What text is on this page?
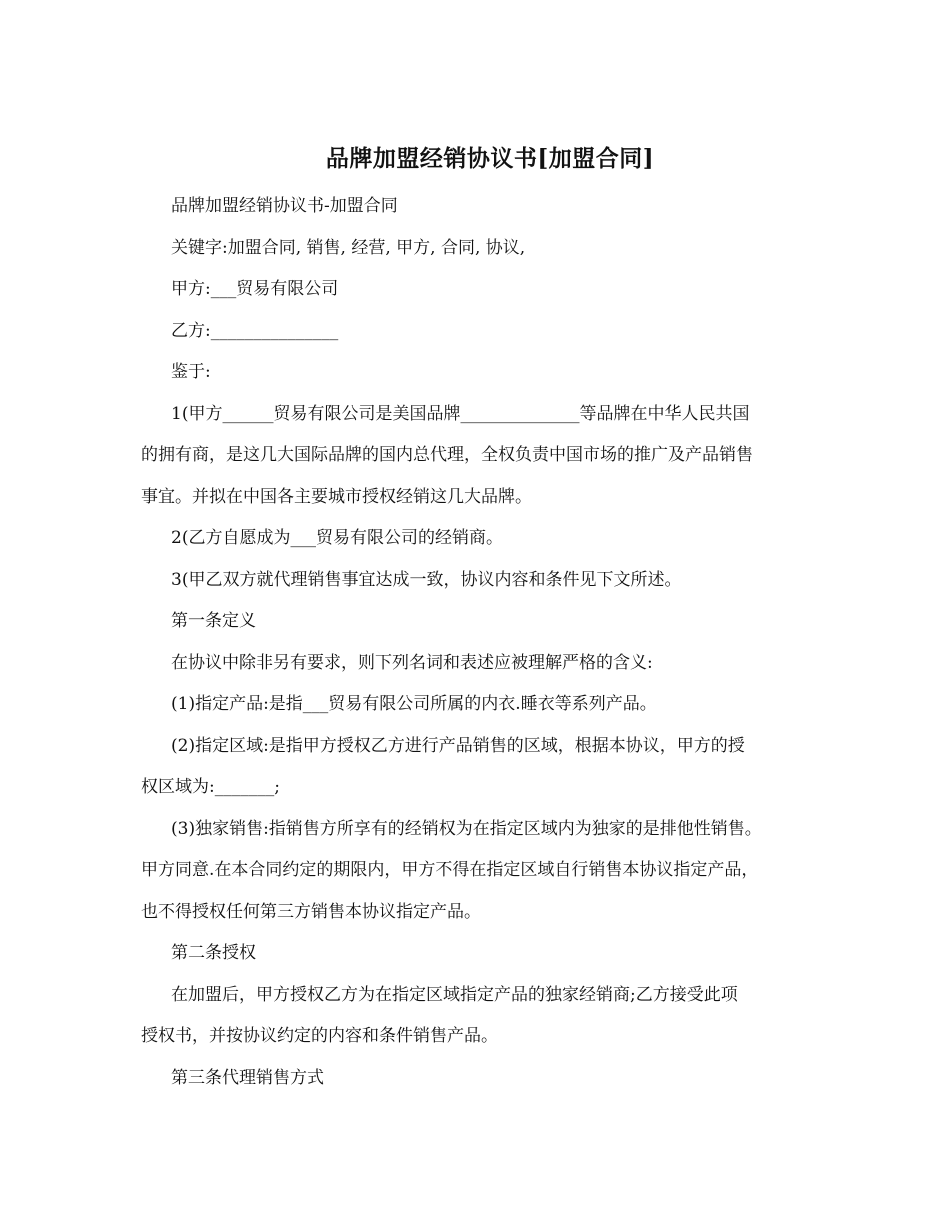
品牌加盟经销协议书[加盟合同]
品牌加盟经销协议书-加盟合同
关键字:加盟合同, 销售, 经营, 甲方, 合同, 协议,
甲方:___贸易有限公司
乙方:_______________
鉴于:
1(甲方______贸易有限公司是美国品牌______________等品牌在中华人民共国
的拥有商，是这几大国际品牌的国内总代理，全权负责中国市场的推广及产品销售
事宜。并拟在中国各主要城市授权经销这几大品牌。
2(乙方自愿成为___贸易有限公司的经销商。
3(甲乙双方就代理销售事宜达成一致，协议内容和条件见下文所述。
第一条定义
在协议中除非另有要求，则下列名词和表述应被理解严格的含义:
(1)指定产品:是指___贸易有限公司所属的内衣.睡衣等系列产品。
(2)指定区域:是指甲方授权乙方进行产品销售的区域，根据本协议，甲方的授
权区域为:_______;
(3)独家销售:指销售方所享有的经销权为在指定区域内为独家的是排他性销售。
甲方同意.在本合同约定的期限内，甲方不得在指定区域自行销售本协议指定产品，
也不得授权任何第三方销售本协议指定产品。
第二条授权
在加盟后，甲方授权乙方为在指定区域指定产品的独家经销商;乙方接受此项
授权书，并按协议约定的内容和条件销售产品。
第三条代理销售方式
